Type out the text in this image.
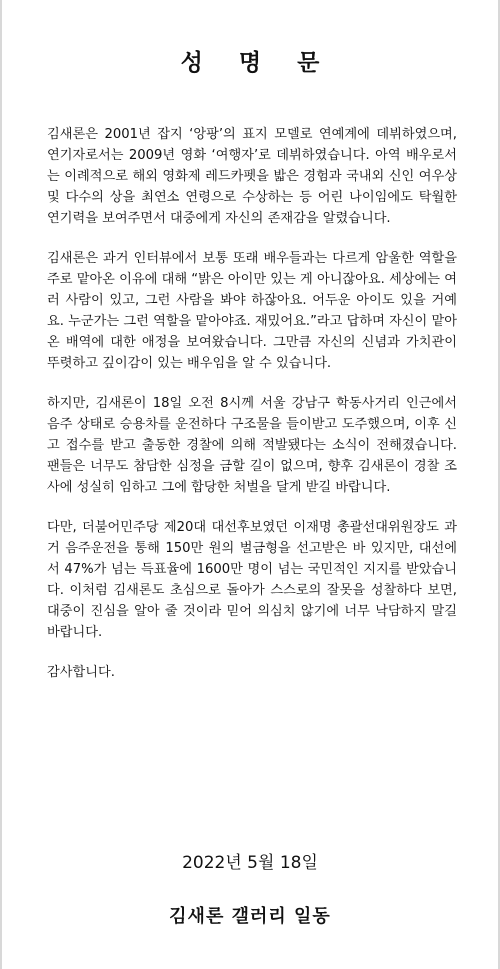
성 명 문

김새론은 2001년 잡지 ‘앙팡’의 표지 모델로 연예계에 데뷔하였으며, 연기자로서는 2009년 영화 ‘여행자’로 데뷔하였습니다. 아역 배우로서는 이례적으로 해외 영화제 레드카펫을 밟은 경험과 국내외 신인 여우상 및 다수의 상을 최연소 연령으로 수상하는 등 어린 나이임에도 탁월한 연기력을 보여주면서 대중에게 자신의 존재감을 알렸습니다.

김새론은 과거 인터뷰에서 보통 또래 배우들과는 다르게 암울한 역할을 주로 맡아온 이유에 대해 “밝은 아이만 있는 게 아니잖아요. 세상에는 여러 사람이 있고, 그런 사람을 봐야 하잖아요. 어두운 아이도 있을 거예요. 누군가는 그런 역할을 맡아야죠. 재밌어요.”라고 답하며 자신이 맡아온 배역에 대한 애정을 보여왔습니다. 그만큼 자신의 신념과 가치관이 뚜렷하고 깊이감이 있는 배우임을 알 수 있습니다.

하지만, 김새론이 18일 오전 8시께 서울 강남구 학동사거리 인근에서 음주 상태로 승용차를 운전하다 구조물을 들이받고 도주했으며, 이후 신고 접수를 받고 출동한 경찰에 의해 적발됐다는 소식이 전해졌습니다. 팬들은 너무도 참담한 심정을 금할 길이 없으며, 향후 김새론이 경찰 조사에 성실히 임하고 그에 합당한 처벌을 달게 받길 바랍니다.

다만, 더불어민주당 제20대 대선후보였던 이재명 총괄선대위원장도 과거 음주운전을 통해 150만 원의 벌금형을 선고받은 바 있지만, 대선에서 47%가 넘는 득표율에 1600만 명이 넘는 국민적인 지지를 받았습니다. 이처럼 김새론도 초심으로 돌아가 스스로의 잘못을 성찰하다 보면, 대중이 진심을 알아 줄 것이라 믿어 의심치 않기에 너무 낙담하지 말길 바랍니다.

감사합니다.

2022년 5월 18일
김새론 갤러리 일동
